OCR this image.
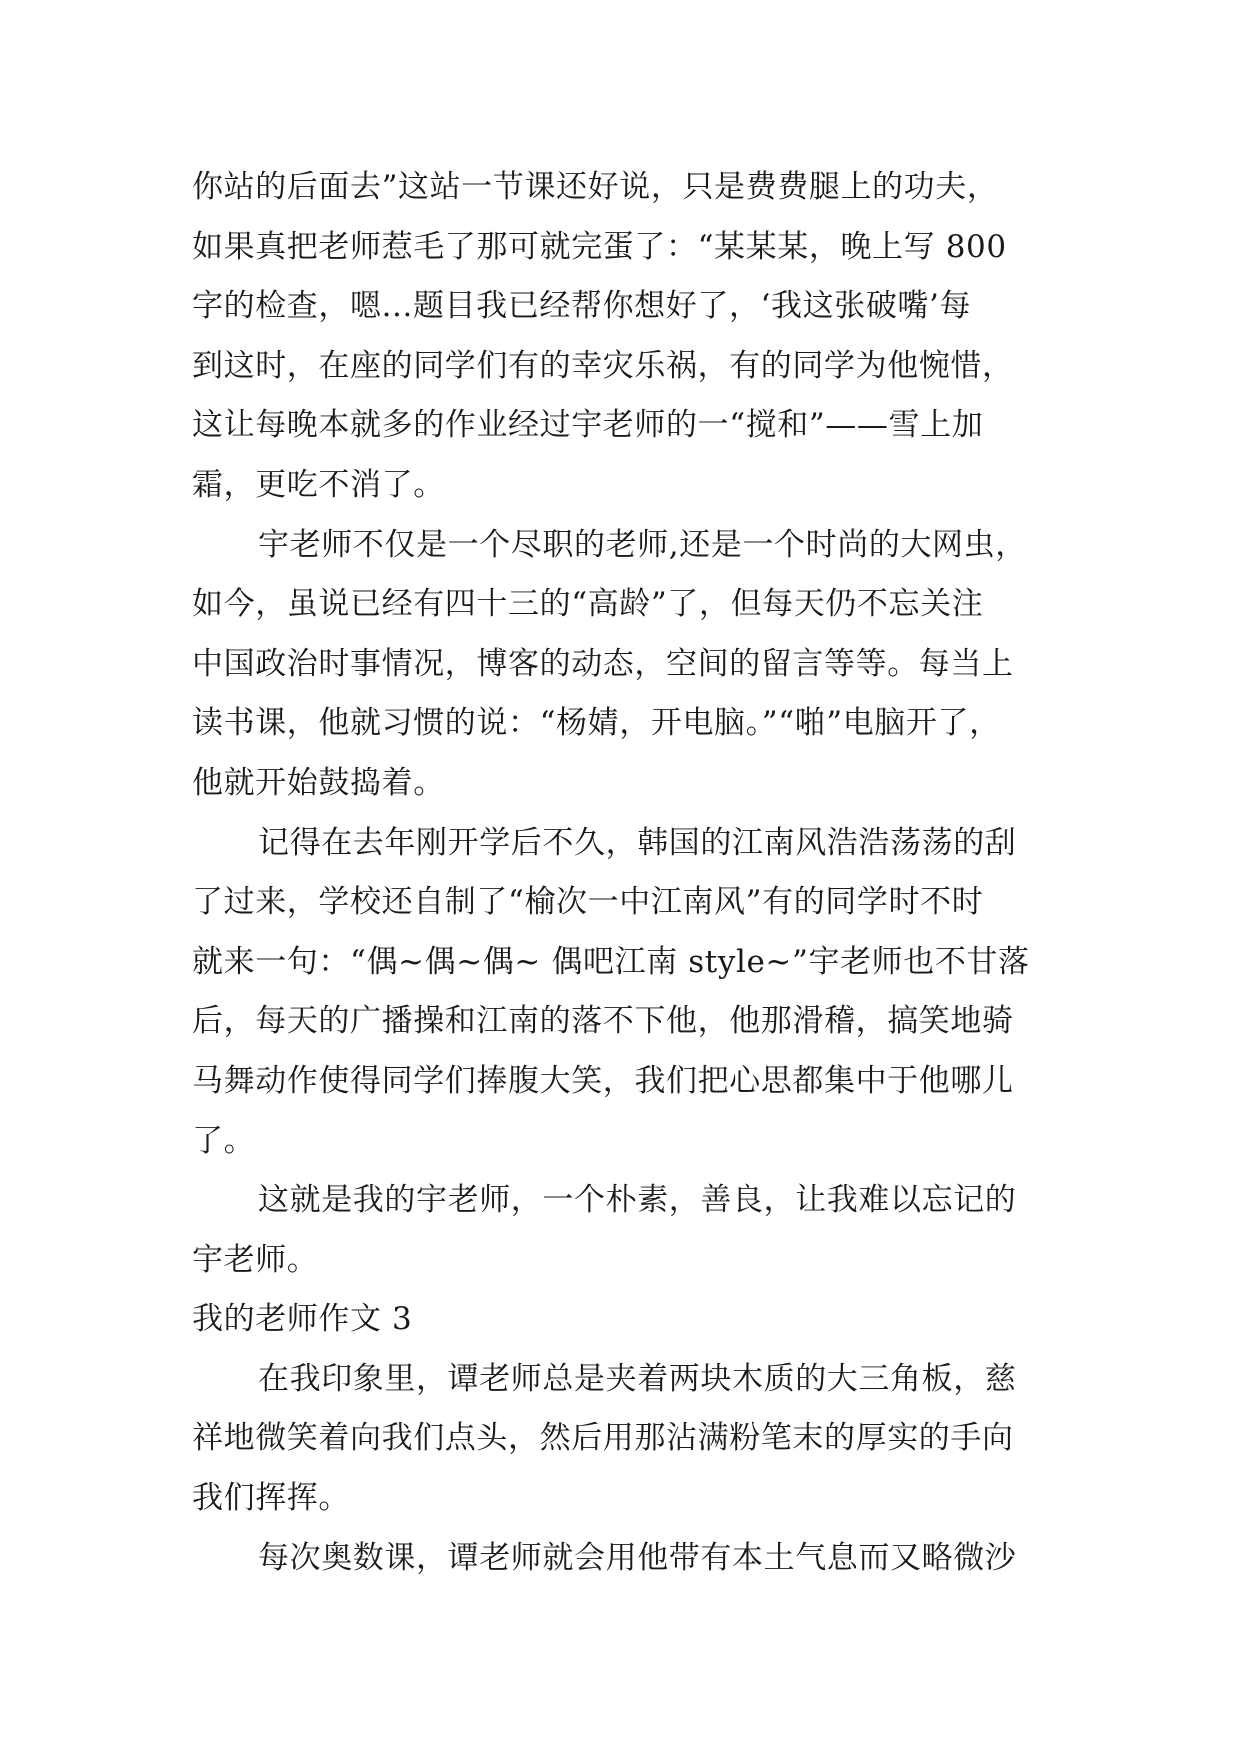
你站的后面去”这站一节课还好说，只是费费腿上的功夫，
如果真把老师惹毛了那可就完蛋了：“某某某，晚上写 800
字的检查，嗯...题目我已经帮你想好了，‘我这张破嘴’每
到这时，在座的同学们有的幸灾乐祸，有的同学为他惋惜，
这让每晚本就多的作业经过宇老师的一“搅和”——雪上加
霜，更吃不消了。
宇老师不仅是一个尽职的老师,还是一个时尚的大网虫，
如今，虽说已经有四十三的“高龄”了，但每天仍不忘关注
中国政治时事情况，博客的动态，空间的留言等等。每当上
读书课，他就习惯的说：“杨婧，开电脑。”“啪”电脑开了，
他就开始鼓捣着。
记得在去年刚开学后不久，韩国的江南风浩浩荡荡的刮
了过来，学校还自制了“榆次一中江南风”有的同学时不时
就来一句：“偶~偶~偶~ 偶吧江南 style~”宇老师也不甘落
后，每天的广播操和江南的落不下他，他那滑稽，搞笑地骑
马舞动作使得同学们捧腹大笑，我们把心思都集中于他哪儿
了。
这就是我的宇老师，一个朴素，善良，让我难以忘记的
宇老师。
我的老师作文 3
在我印象里，谭老师总是夹着两块木质的大三角板，慈
祥地微笑着向我们点头，然后用那沾满粉笔末的厚实的手向
我们挥挥。
每次奥数课，谭老师就会用他带有本土气息而又略微沙
